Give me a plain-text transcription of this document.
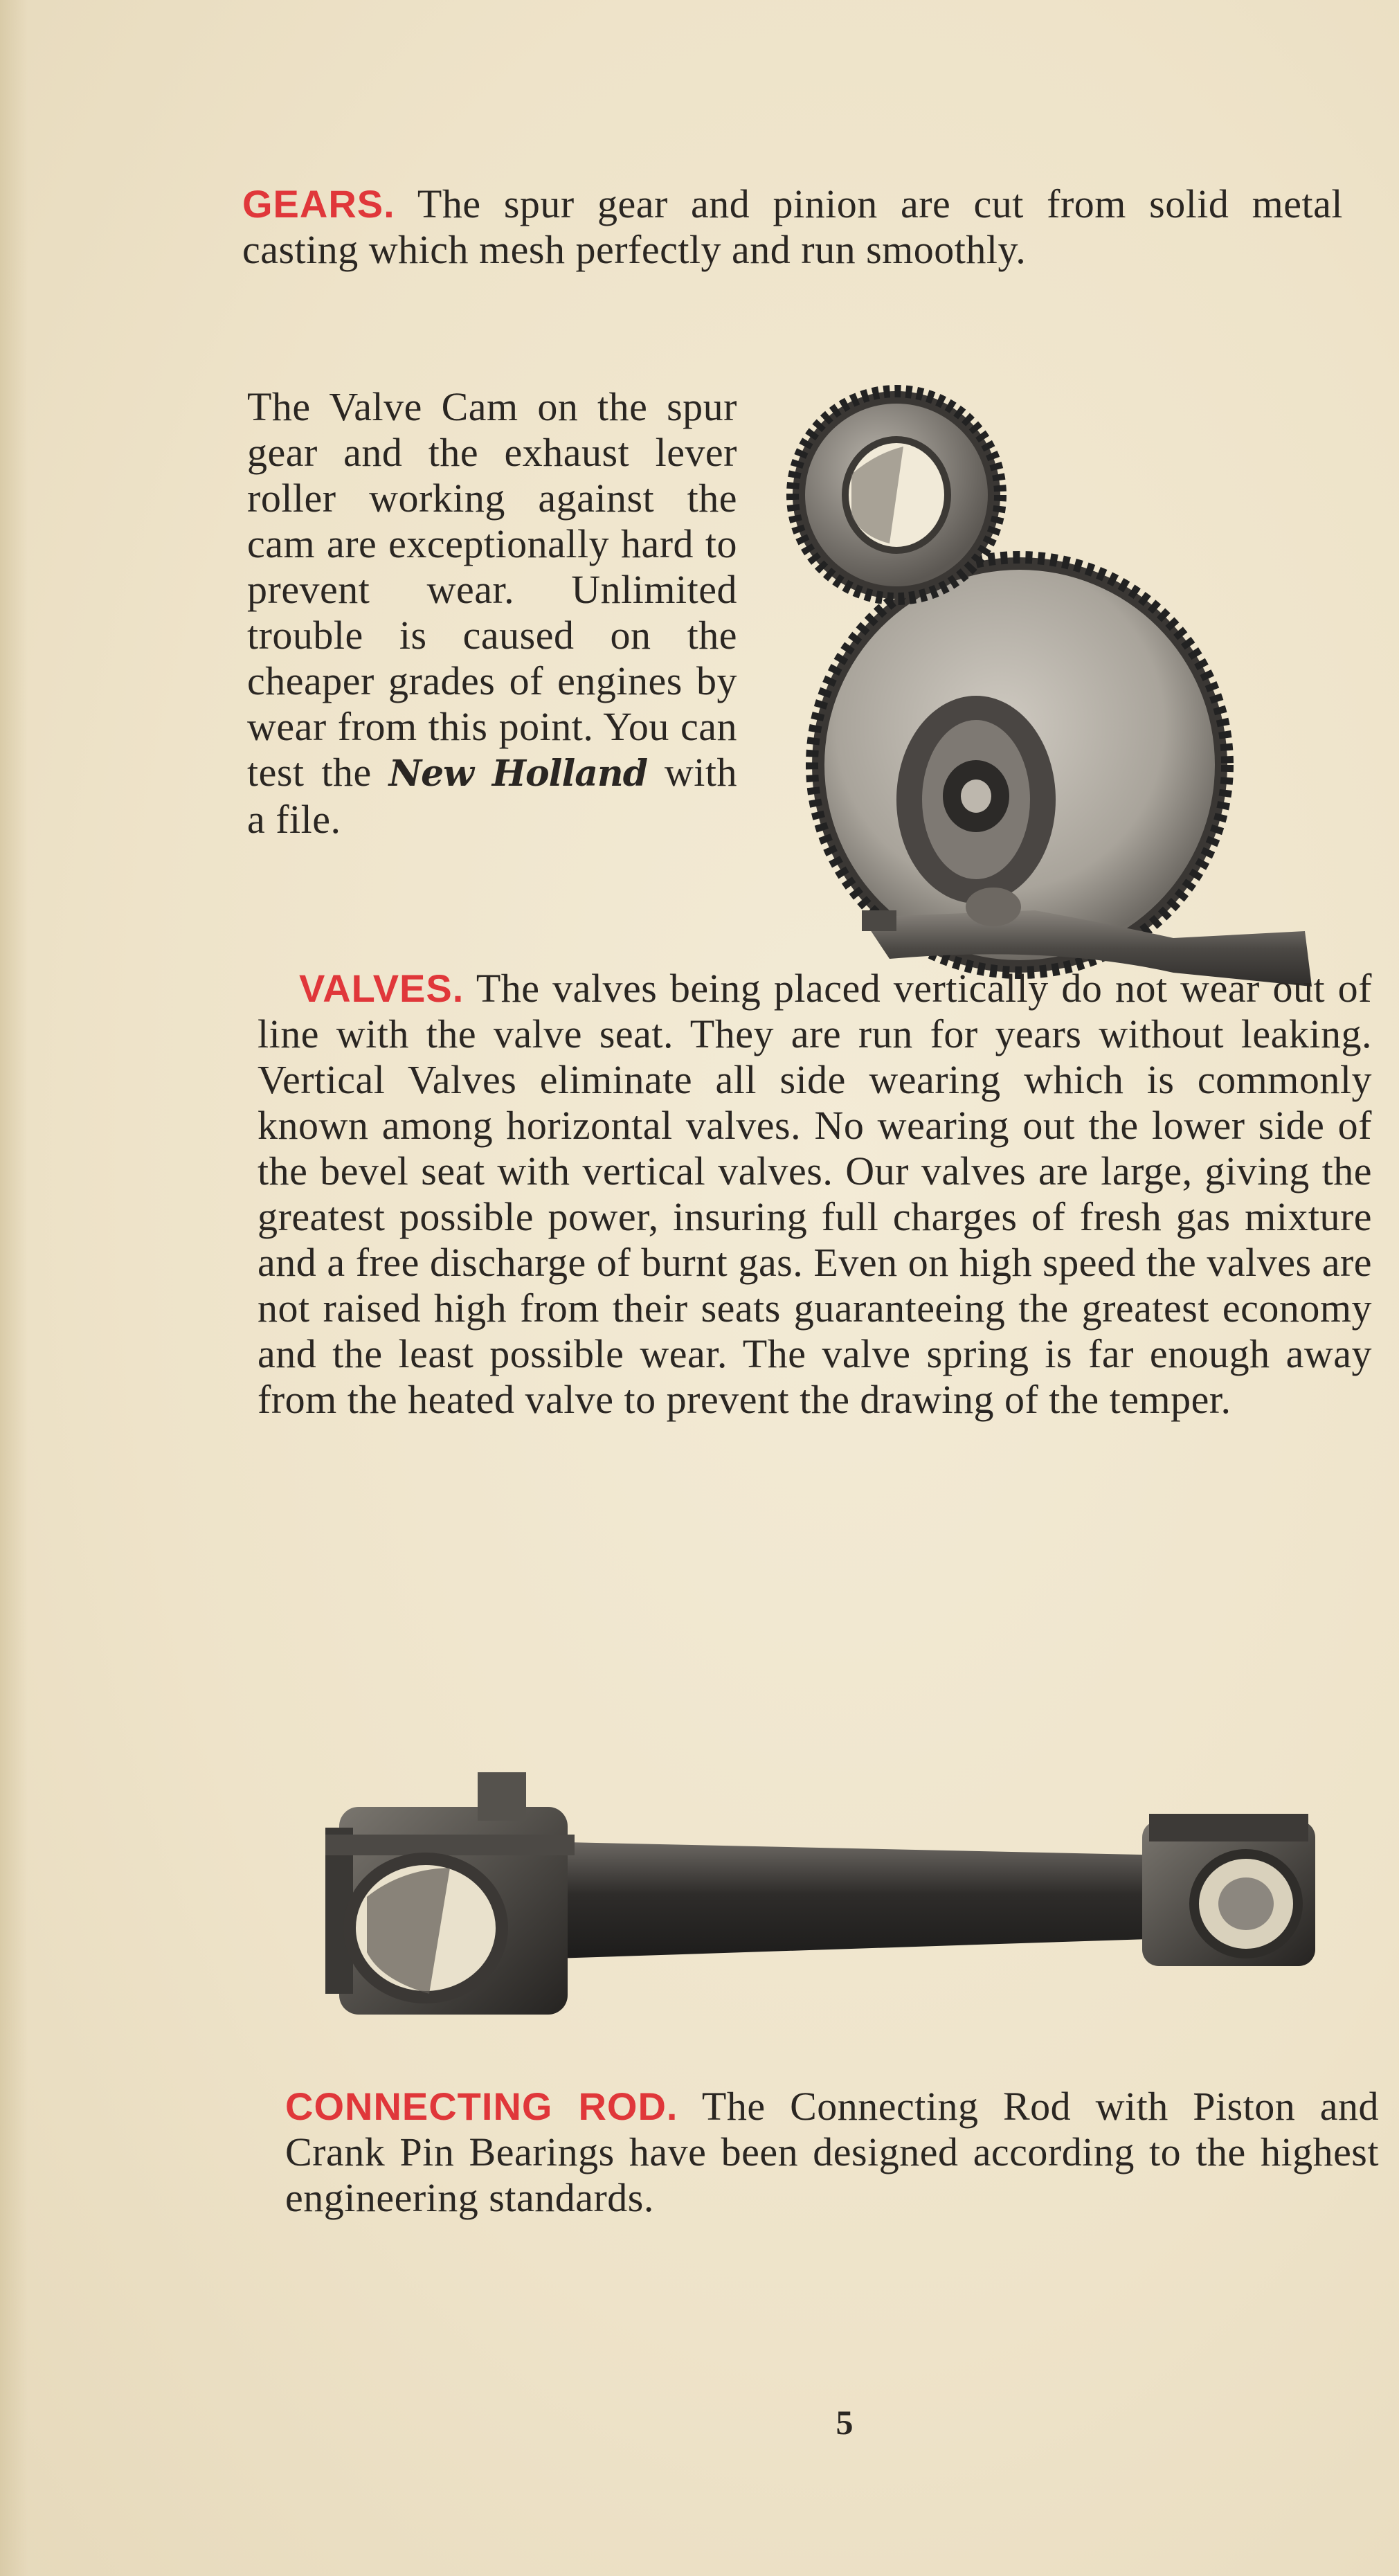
GEARS. The spur gear and pinion are cut from solid metal casting which mesh perfectly and run smoothly.
The Valve Cam on the spur gear and the exhaust lever roller working against the cam are exceptionally hard to prevent wear. Unlimited trouble is caused on the cheaper grades of engines by wear from this point. You can test the New Holland with a file.
VALVES. The valves being placed vertically do not wear out of line with the valve seat. They are run for years without leaking. Vertical Valves eliminate all side wearing which is commonly known among horizontal valves. No wearing out the lower side of the bevel seat with vertical valves. Our valves are large, giving the greatest possible power, insuring full charges of fresh gas mixture and a free discharge of burnt gas. Even on high speed the valves are not raised high from their seats guaranteeing the greatest economy and the least possible wear. The valve spring is far enough away from the heated valve to prevent the drawing of the temper.
CONNECTING ROD. The Connecting Rod with Piston and Crank Pin Bearings have been designed according to the highest engineering standards.
5
